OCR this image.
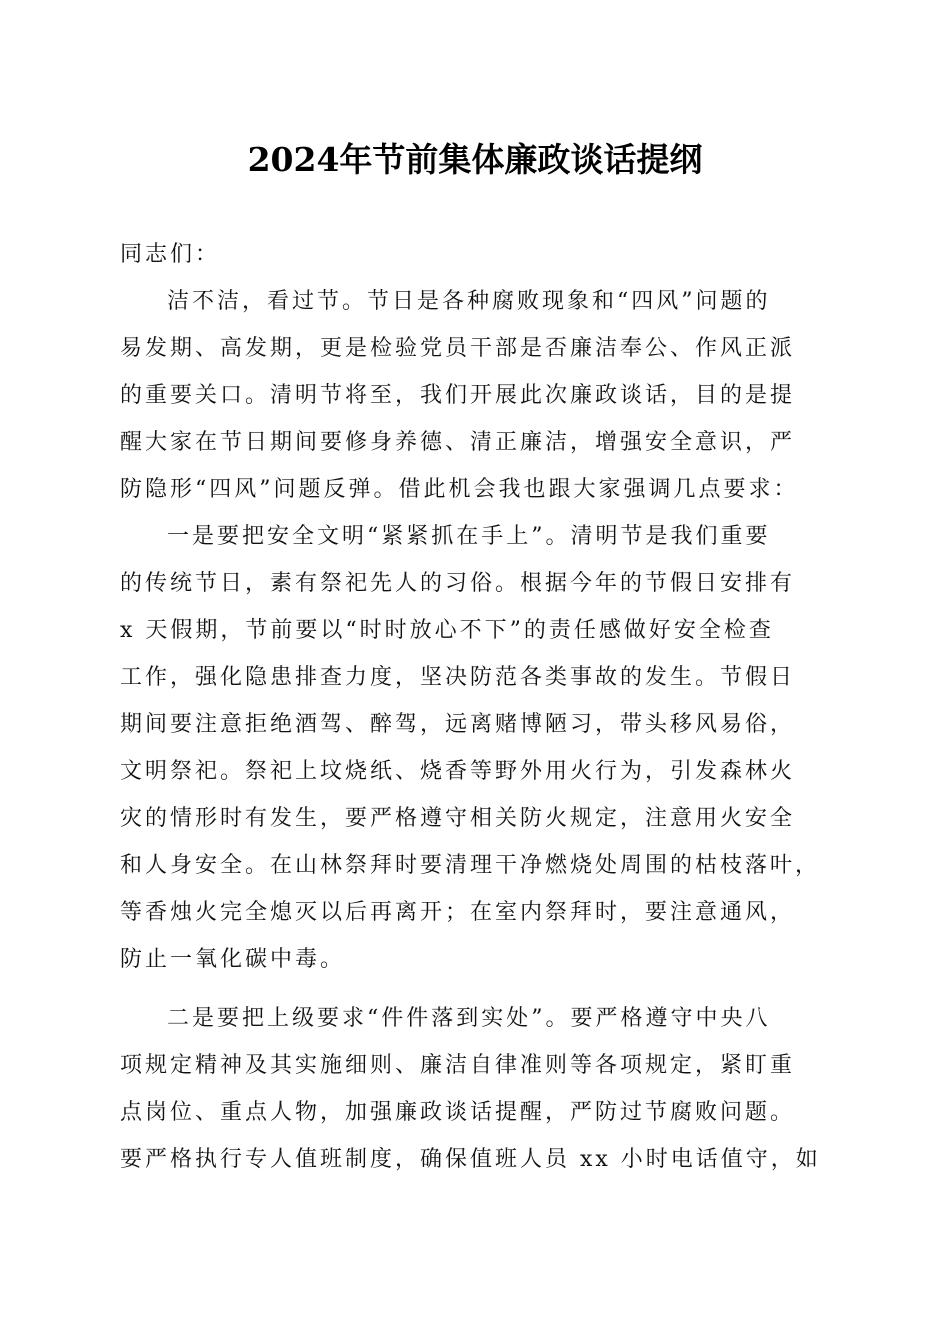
2024年节前集体廉政谈话提纲
同志们：
洁不洁，看过节。节日是各种腐败现象和“四风”问题的
易发期、高发期，更是检验党员干部是否廉洁奉公、作风正派
的重要关口。清明节将至，我们开展此次廉政谈话，目的是提
醒大家在节日期间要修身养德、清正廉洁，增强安全意识，严
防隐形“四风”问题反弹。借此机会我也跟大家强调几点要求：
一是要把安全文明“紧紧抓在手上”。清明节是我们重要
的传统节日，素有祭祀先人的习俗。根据今年的节假日安排有
x 天假期，节前要以“时时放心不下”的责任感做好安全检查
工作，强化隐患排查力度，坚决防范各类事故的发生。节假日
期间要注意拒绝酒驾、醉驾，远离赌博陋习，带头移风易俗，
文明祭祀。祭祀上坟烧纸、烧香等野外用火行为，引发森林火
灾的情形时有发生，要严格遵守相关防火规定，注意用火安全
和人身安全。在山林祭拜时要清理干净燃烧处周围的枯枝落叶，
等香烛火完全熄灭以后再离开；在室内祭拜时，要注意通风，
防止一氧化碳中毒。
二是要把上级要求“件件落到实处”。要严格遵守中央八
项规定精神及其实施细则、廉洁自律准则等各项规定，紧盯重
点岗位、重点人物，加强廉政谈话提醒，严防过节腐败问题。
要严格执行专人值班制度，确保值班人员 xx 小时电话值守，如
